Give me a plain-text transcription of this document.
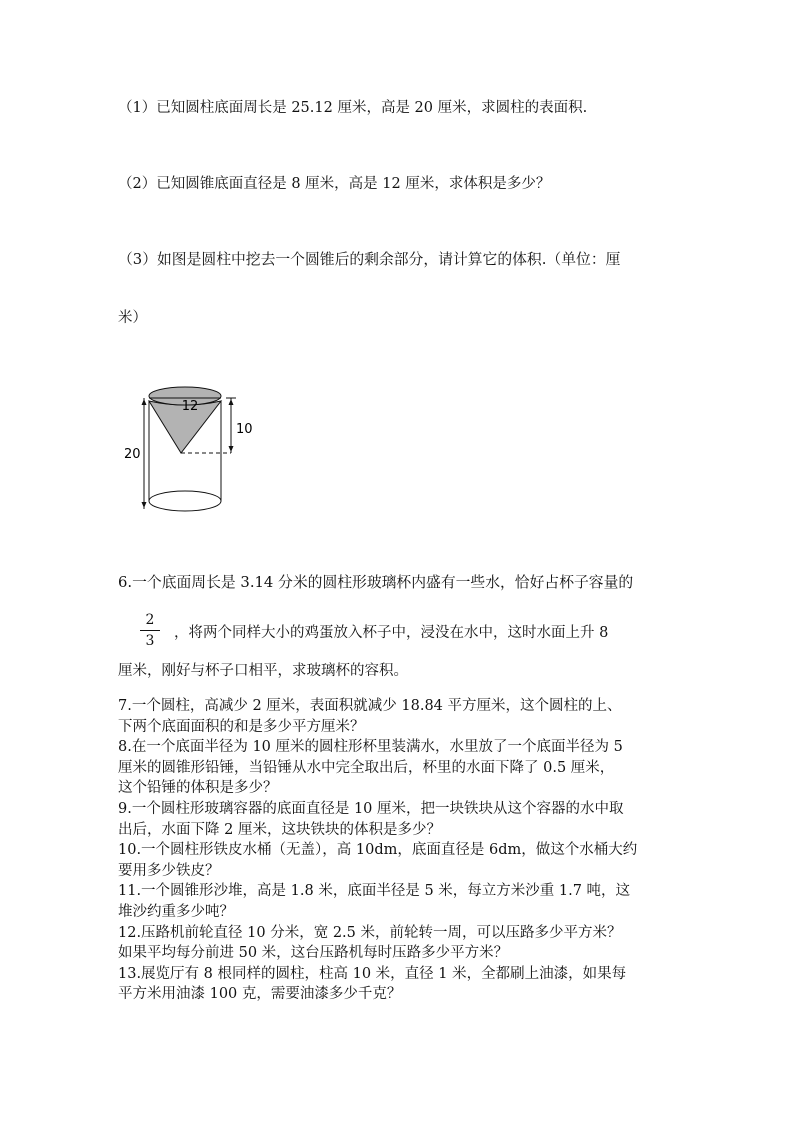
（1）已知圆柱底面周长是 25.12 厘米，高是 20 厘米，求圆柱的表面积.
（2）已知圆锥底面直径是 8 厘米，高是 12 厘米，求体积是多少？
（3）如图是圆柱中挖去一个圆锥后的剩余部分，请计算它的体积.（单位：厘
米）
12
10
20
6.一个底面周长是 3.14 分米的圆柱形玻璃杯内盛有一些水，恰好占杯子容量的
2
3	，将两个同样大小的鸡蛋放入杯子中，浸没在水中，这时水面上升 8
厘米，刚好与杯子口相平，求玻璃杯的容积。
7.一个圆柱，高减少 2 厘米，表面积就减少 18.84 平方厘米，这个圆柱的上、
下两个底面面积的和是多少平方厘米？
8.在一个底面半径为 10 厘米的圆柱形杯里装满水，水里放了一个底面半径为 5
厘米的圆锥形铅锤，当铅锤从水中完全取出后，杯里的水面下降了 0.5 厘米，
这个铅锤的体积是多少？
9.一个圆柱形玻璃容器的底面直径是 10 厘米，把一块铁块从这个容器的水中取
出后，水面下降 2 厘米，这块铁块的体积是多少？
10.一个圆柱形铁皮水桶（无盖），高 10dm，底面直径是 6dm，做这个水桶大约
要用多少铁皮？
11.一个圆锥形沙堆，高是 1.8 米，底面半径是 5 米，每立方米沙重 1.7 吨，这
堆沙约重多少吨？
12.压路机前轮直径 10 分米，宽 2.5 米，前轮转一周，可以压路多少平方米？
如果平均每分前进 50 米，这台压路机每时压路多少平方米？
13.展览厅有 8 根同样的圆柱，柱高 10 米，直径 1 米，全都刷上油漆，如果每
平方米用油漆 100 克，需要油漆多少千克？
